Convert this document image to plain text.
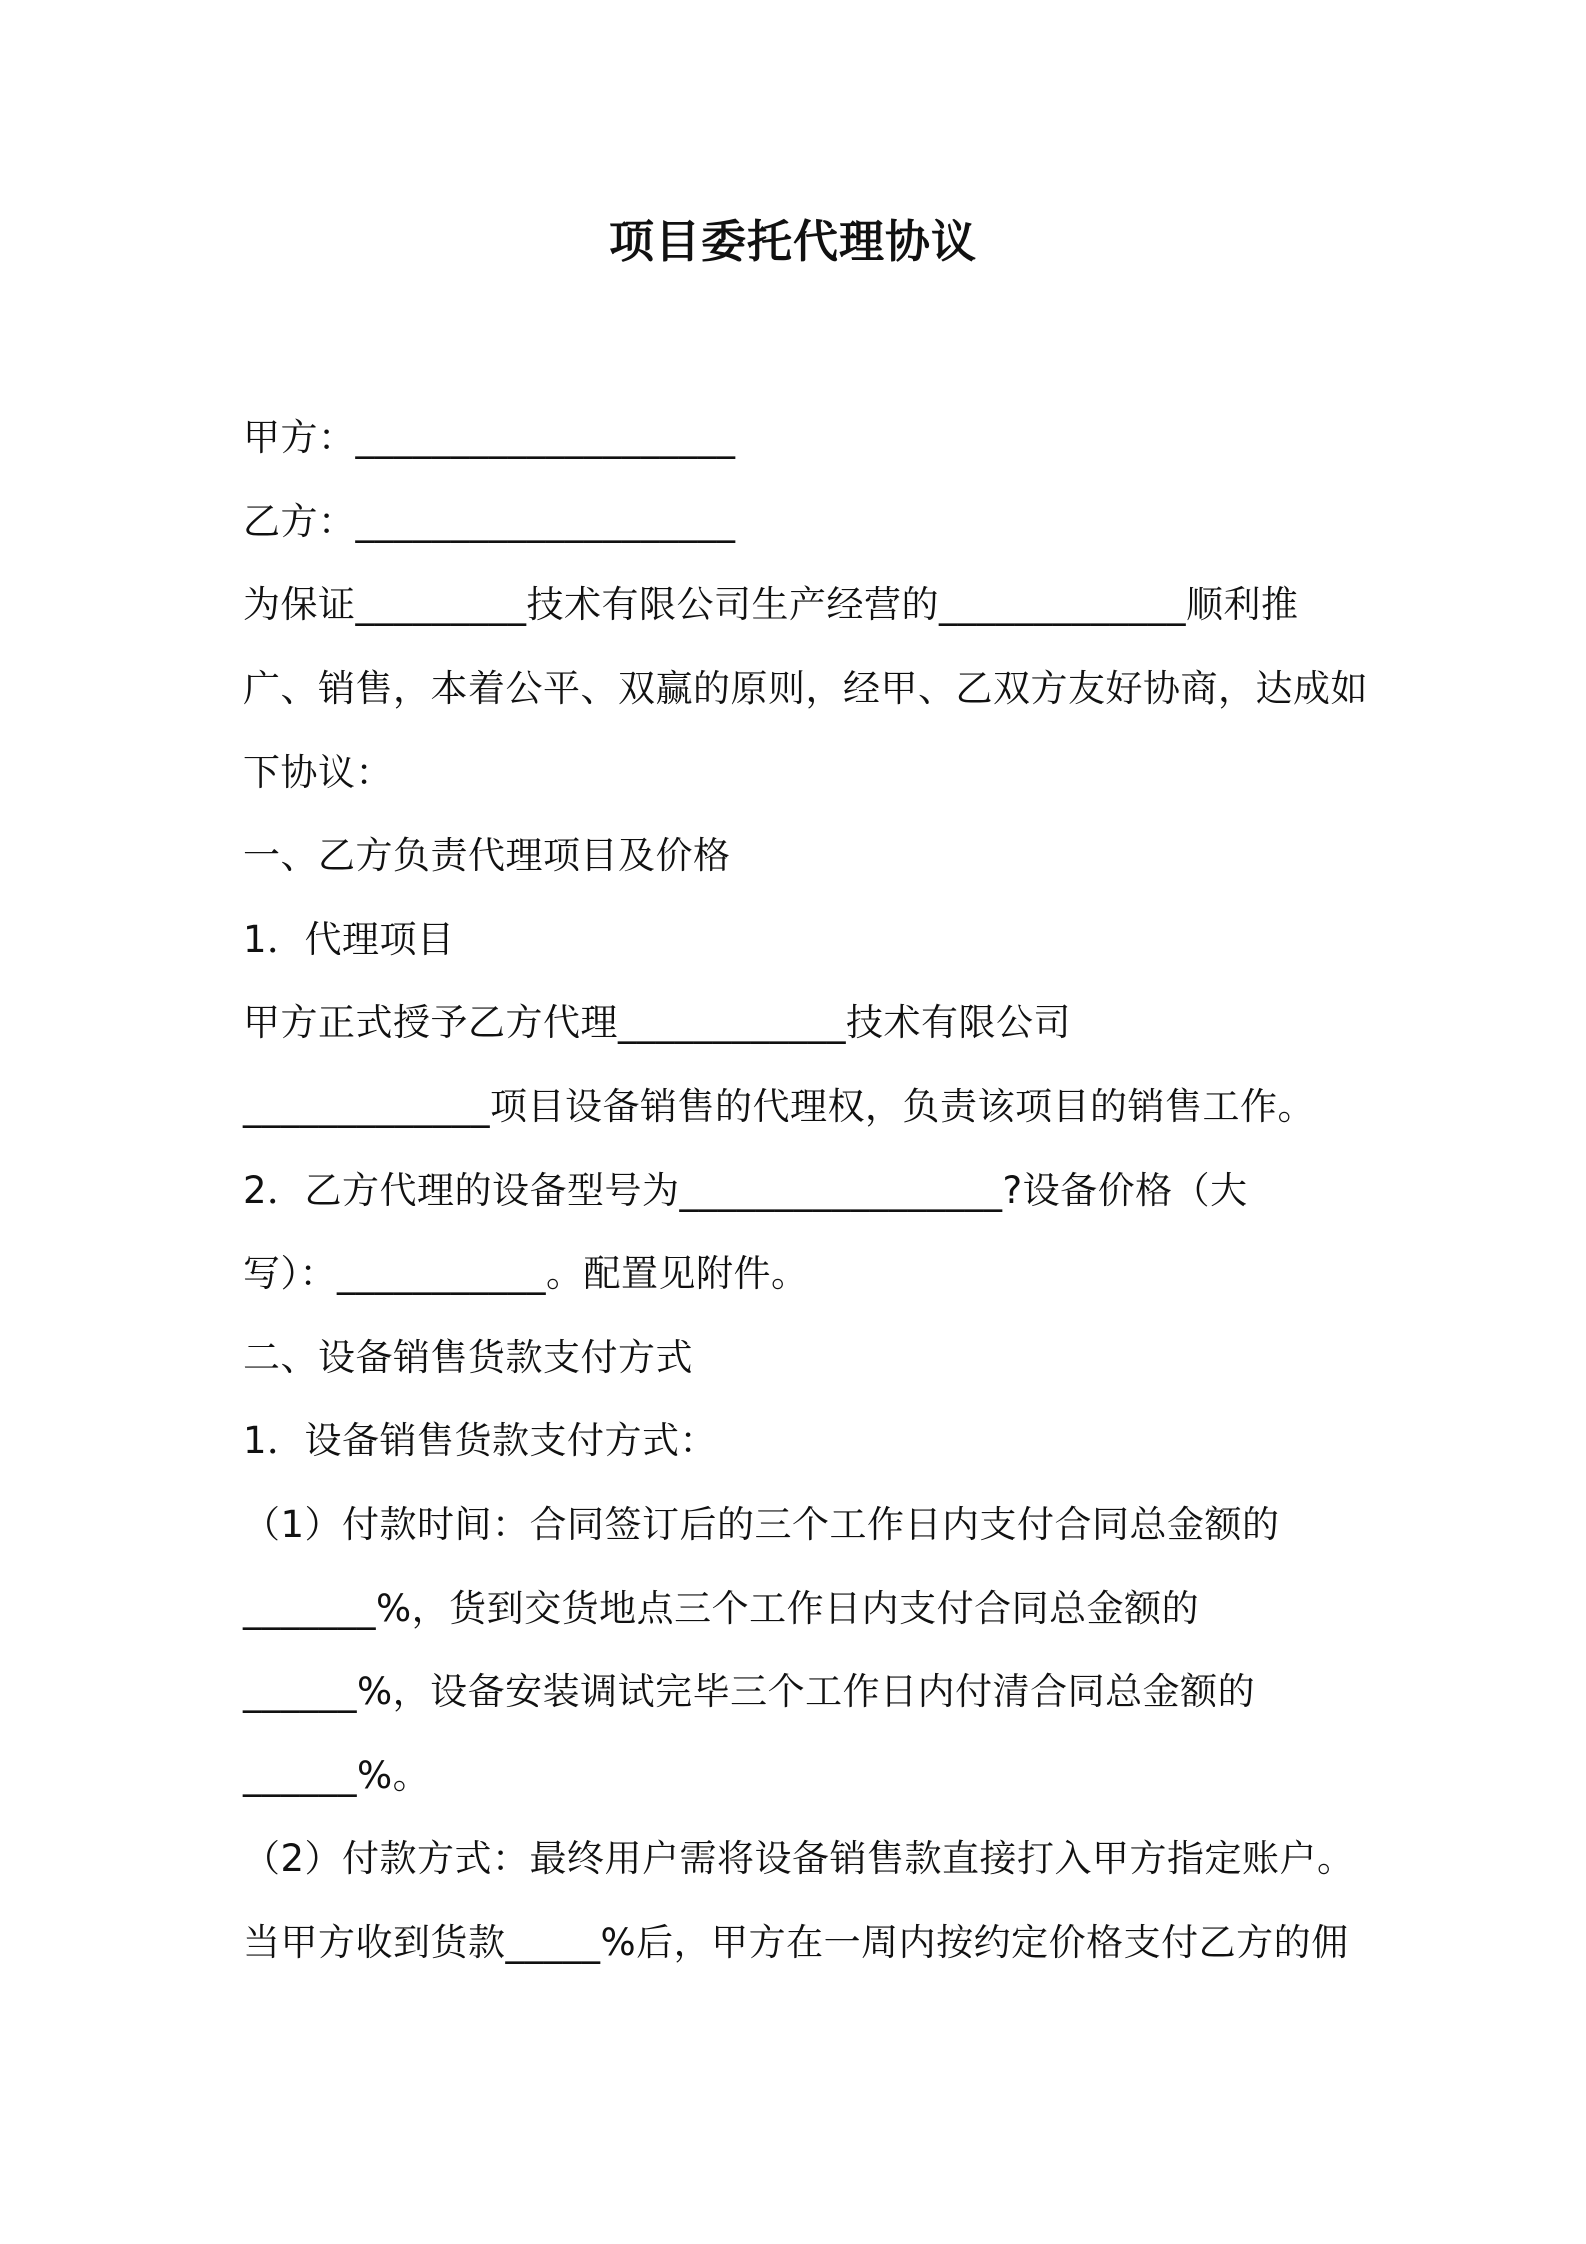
项目委托代理协议
甲方：____________________
乙方：____________________
为保证_________技术有限公司生产经营的_____________顺利推
广、销售，本着公平、双赢的原则，经甲、乙双方友好协商，达成如
下协议：
一、乙方负责代理项目及价格
1．代理项目
甲方正式授予乙方代理____________技术有限公司
_____________项目设备销售的代理权，负责该项目的销售工作。
2．乙方代理的设备型号为_________________?设备价格（大
写）：___________。配置见附件。
二、设备销售货款支付方式
1．设备销售货款支付方式：
（1）付款时间：合同签订后的三个工作日内支付合同总金额的
_______%，货到交货地点三个工作日内支付合同总金额的
______%，设备安装调试完毕三个工作日内付清合同总金额的
______%。
（2）付款方式：最终用户需将设备销售款直接打入甲方指定账户。
当甲方收到货款_____%后，甲方在一周内按约定价格支付乙方的佣
